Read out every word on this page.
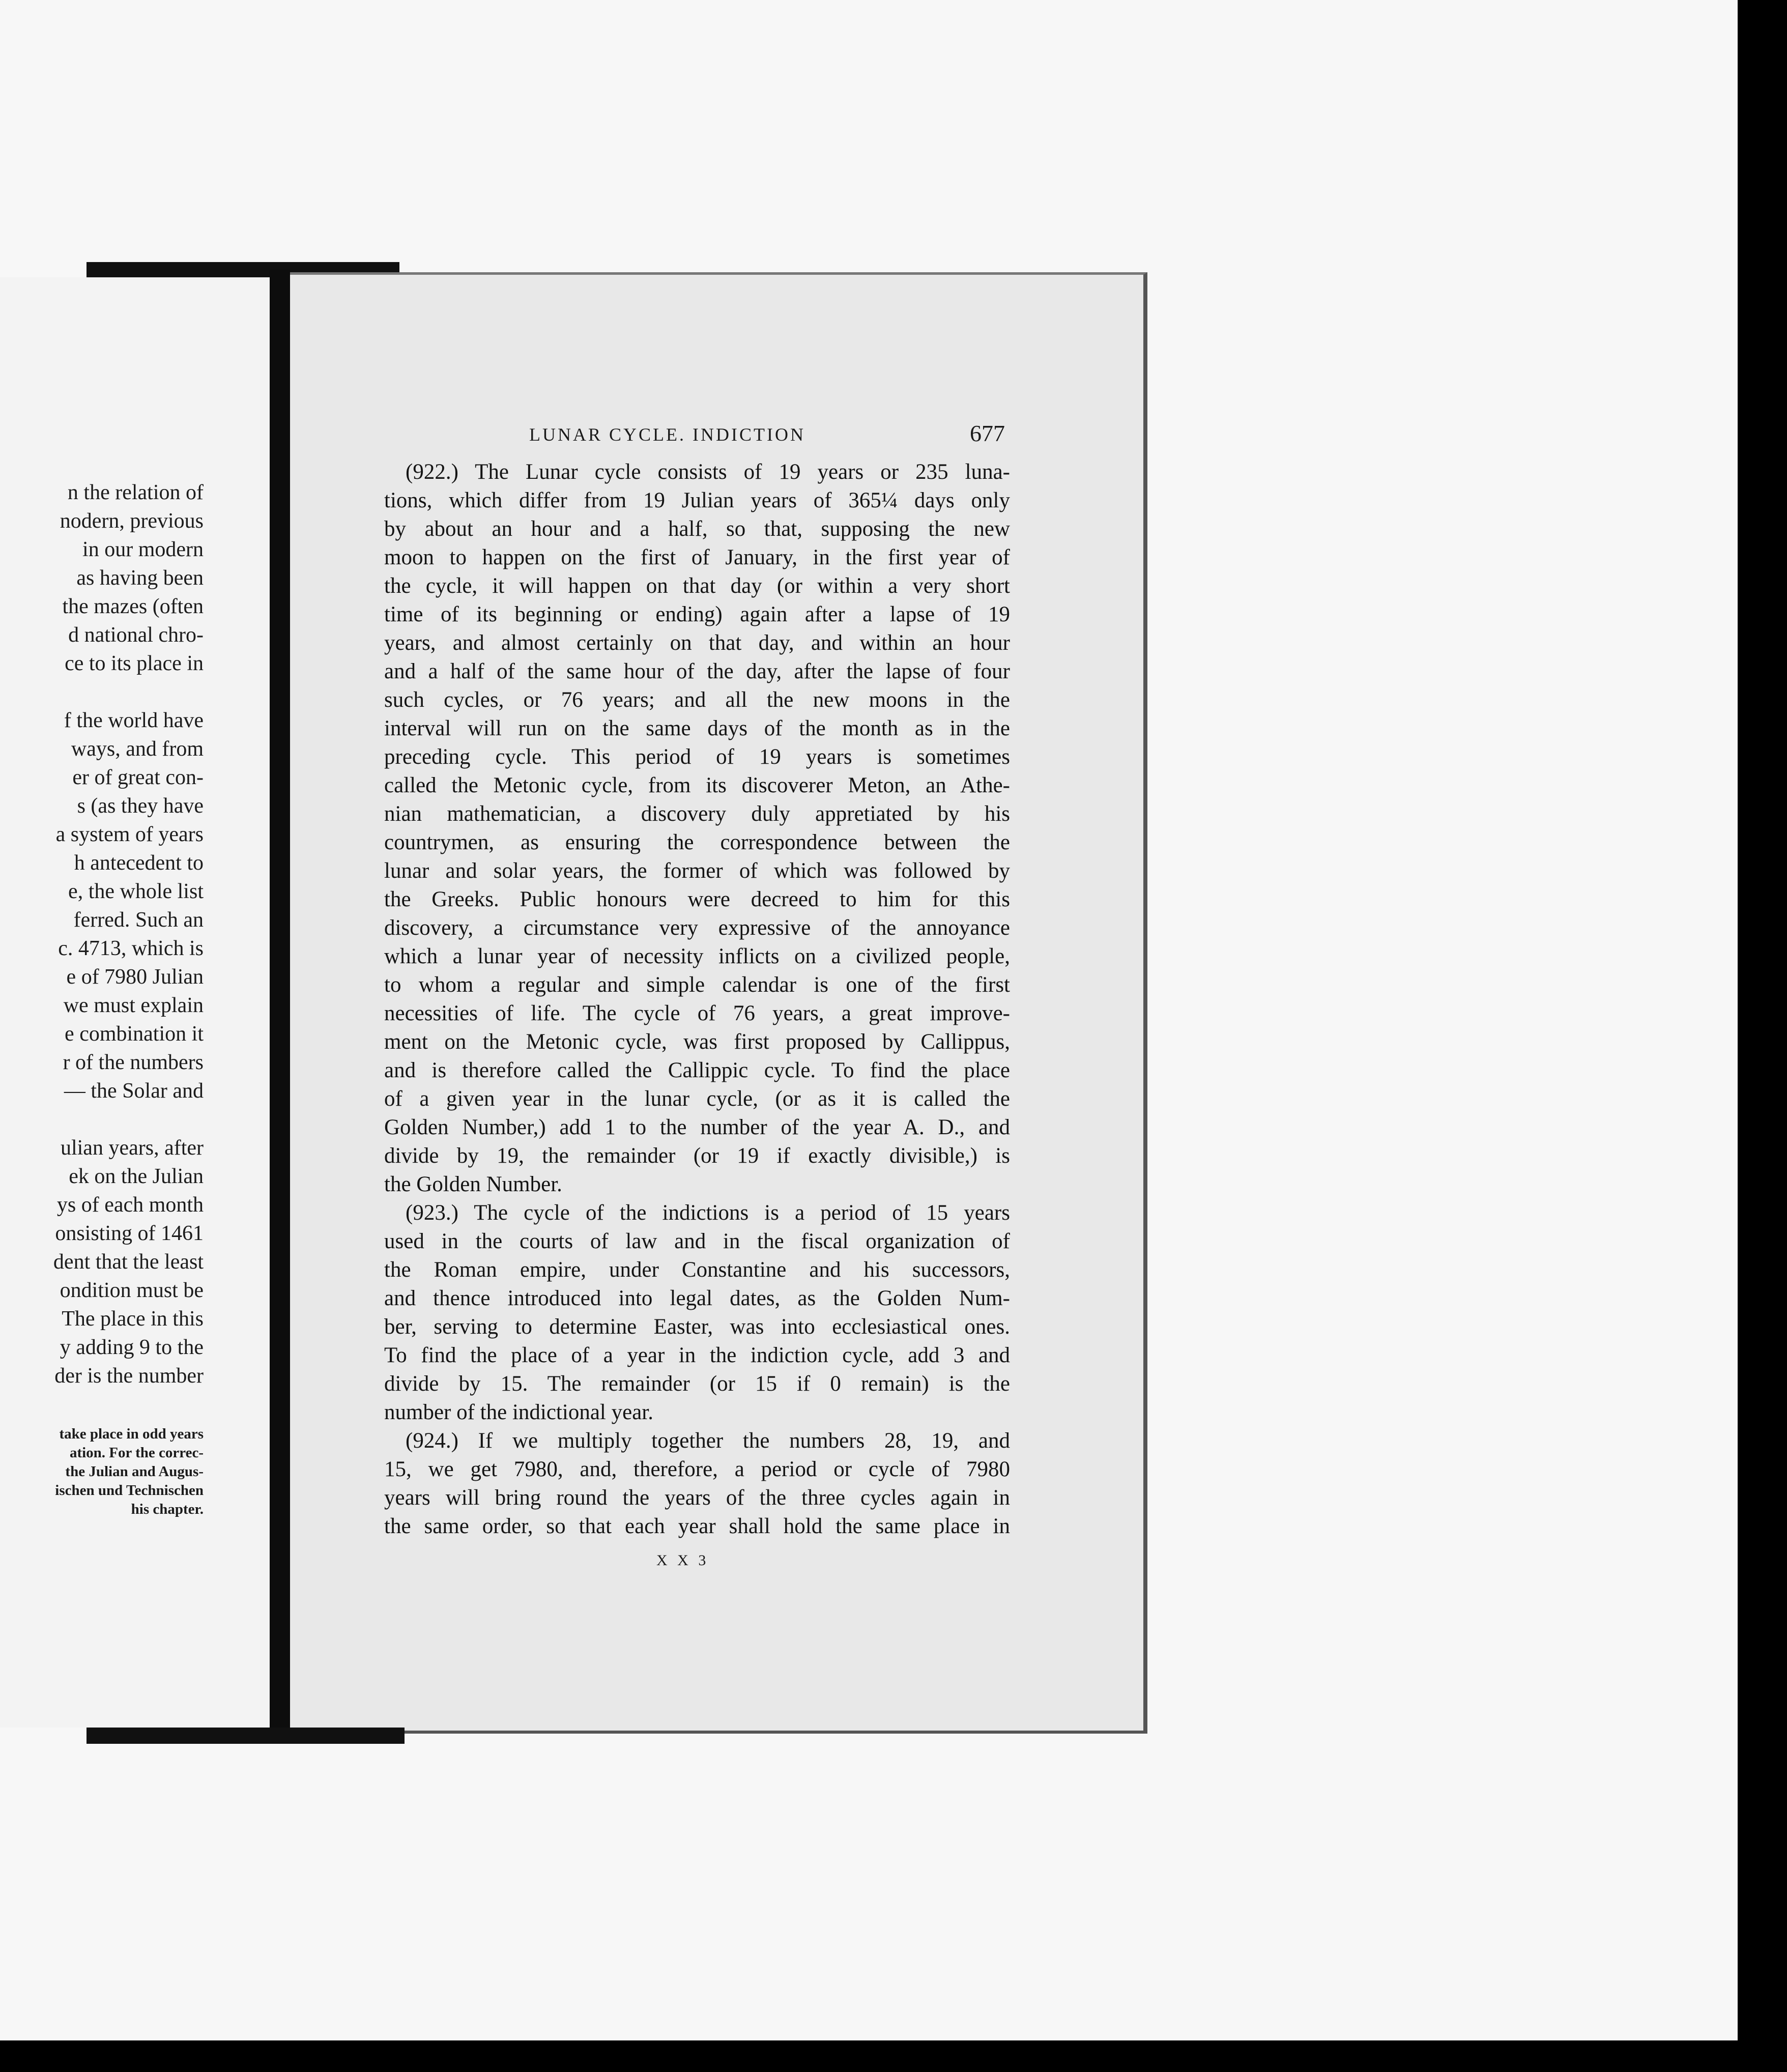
n the relation of
nodern, previous
in our modern
as having been
the mazes (often
d national chro-
ce to its place in
f the world have
ways, and from
er of great con-
s (as they have
a system of years
h antecedent to
e, the whole list
ferred. Such an
c. 4713, which is
e of 7980 Julian
we must explain
e combination it
r of the numbers
— the Solar and
ulian years, after
ek on the Julian
ys of each month
onsisting of 1461
dent that the least
ondition must be
The place in this
y adding 9 to the
der is the number
take place in odd years
ation. For the correc-
the Julian and Augus-
ischen und Technischen
his chapter.
LUNAR CYCLE. INDICTION	677
(922.) The Lunar cycle consists of 19 years or 235 luna-
tions, which differ from 19 Julian years of 365¼ days only
by about an hour and a half, so that, supposing the new
moon to happen on the first of January, in the first year of
the cycle, it will happen on that day (or within a very short
time of its beginning or ending) again after a lapse of 19
years, and almost certainly on that day, and within an hour
and a half of the same hour of the day, after the lapse of four
such cycles, or 76 years; and all the new moons in the
interval will run on the same days of the month as in the
preceding cycle. This period of 19 years is sometimes
called the Metonic cycle, from its discoverer Meton, an Athe-
nian mathematician, a discovery duly appretiated by his
countrymen, as ensuring the correspondence between the
lunar and solar years, the former of which was followed by
the Greeks. Public honours were decreed to him for this
discovery, a circumstance very expressive of the annoyance
which a lunar year of necessity inflicts on a civilized people,
to whom a regular and simple calendar is one of the first
necessities of life. The cycle of 76 years, a great improve-
ment on the Metonic cycle, was first proposed by Callippus,
and is therefore called the Callippic cycle. To find the place
of a given year in the lunar cycle, (or as it is called the
Golden Number,) add 1 to the number of the year A. D., and
divide by 19, the remainder (or 19 if exactly divisible,) is
the Golden Number.
(923.) The cycle of the indictions is a period of 15 years
used in the courts of law and in the fiscal organization of
the Roman empire, under Constantine and his successors,
and thence introduced into legal dates, as the Golden Num-
ber, serving to determine Easter, was into ecclesiastical ones.
To find the place of a year in the indiction cycle, add 3 and
divide by 15. The remainder (or 15 if 0 remain) is the
number of the indictional year.
(924.) If we multiply together the numbers 28, 19, and
15, we get 7980, and, therefore, a period or cycle of 7980
years will bring round the years of the three cycles again in
the same order, so that each year shall hold the same place in
X X 3
